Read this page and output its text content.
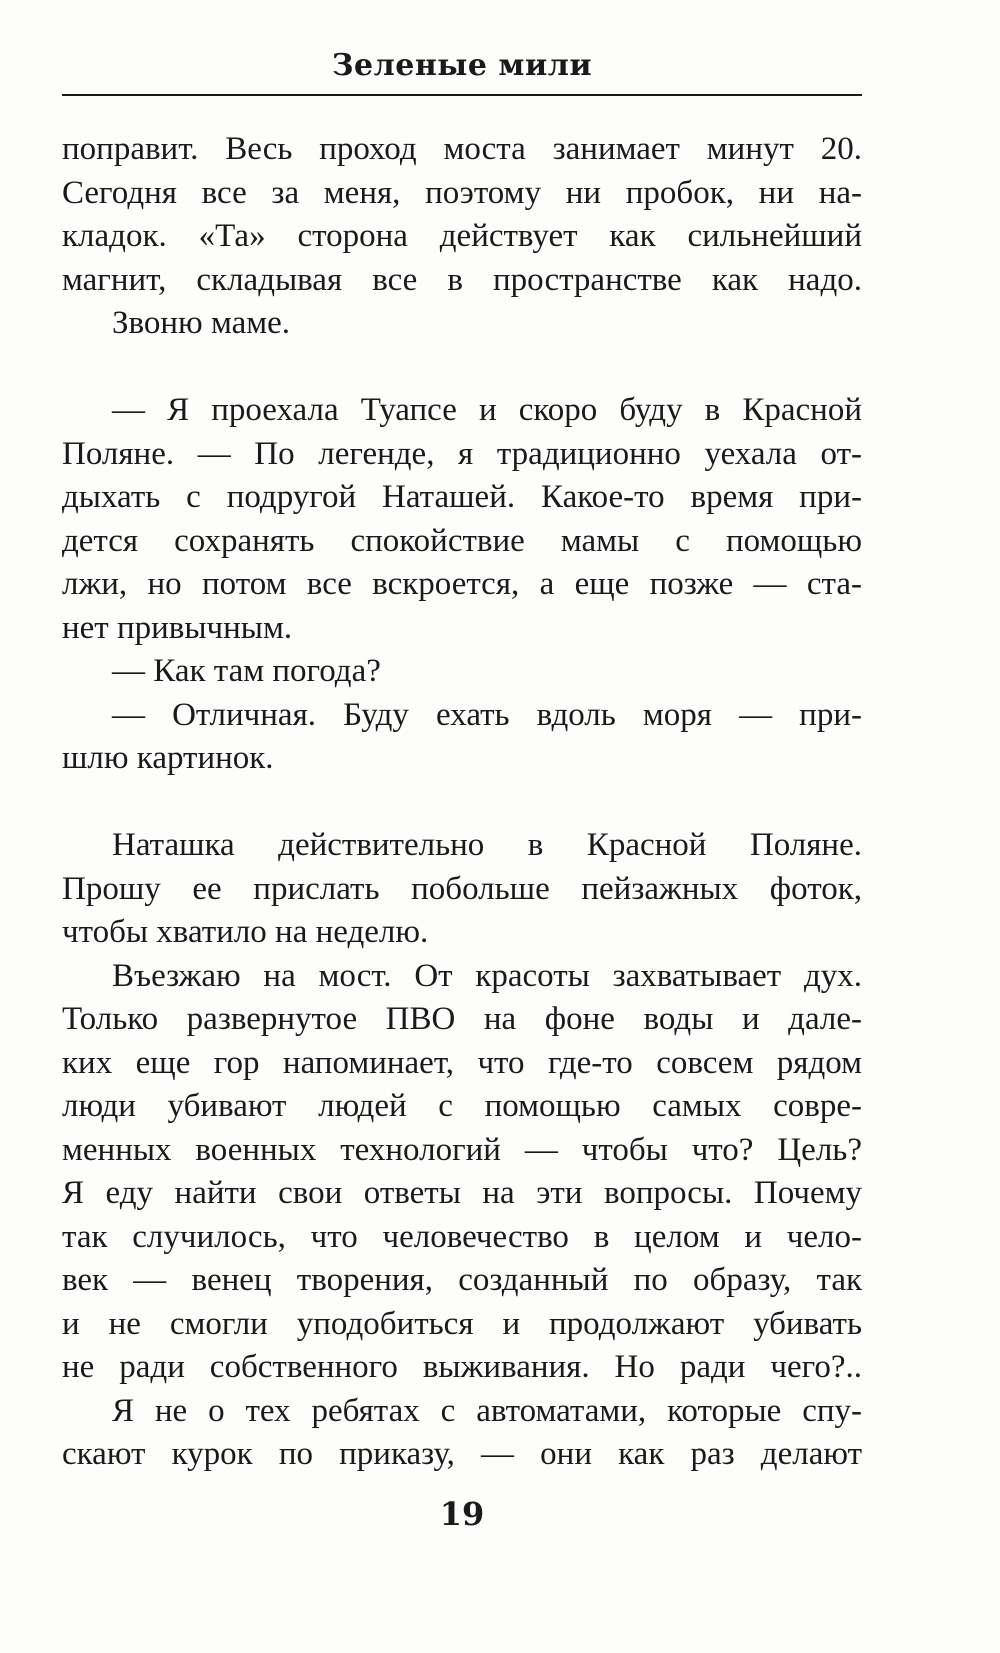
Зеленые мили
поправит. Весь проход моста занимает минут 20.
Сегодня все за меня, поэтому ни пробок, ни на-
кладок. «Та» сторона действует как сильнейший
магнит, складывая все в пространстве как надо.
Звоню маме.
— Я проехала Туапсе и скоро буду в Красной
Поляне. — По легенде, я традиционно уехала от-
дыхать с подругой Наташей. Какое-то время при-
дется сохранять спокойствие мамы с помощью
лжи, но потом все вскроется, а еще позже — ста-
нет привычным.
— Как там погода?
— Отличная. Буду ехать вдоль моря — при-
шлю картинок.
Наташка действительно в Красной Поляне.
Прошу ее прислать побольше пейзажных фоток,
чтобы хватило на неделю.
Въезжаю на мост. От красоты захватывает дух.
Только развернутое ПВО на фоне воды и дале-
ких еще гор напоминает, что где-то совсем рядом
люди убивают людей с помощью самых совре-
менных военных технологий — чтобы что? Цель?
Я еду найти свои ответы на эти вопросы. Почему
так случилось, что человечество в целом и чело-
век — венец творения, созданный по образу, так
и не смогли уподобиться и продолжают убивать
не ради собственного выживания. Но ради чего?..
Я не о тех ребятах с автоматами, которые спу-
скают курок по приказу, — они как раз делают
19
